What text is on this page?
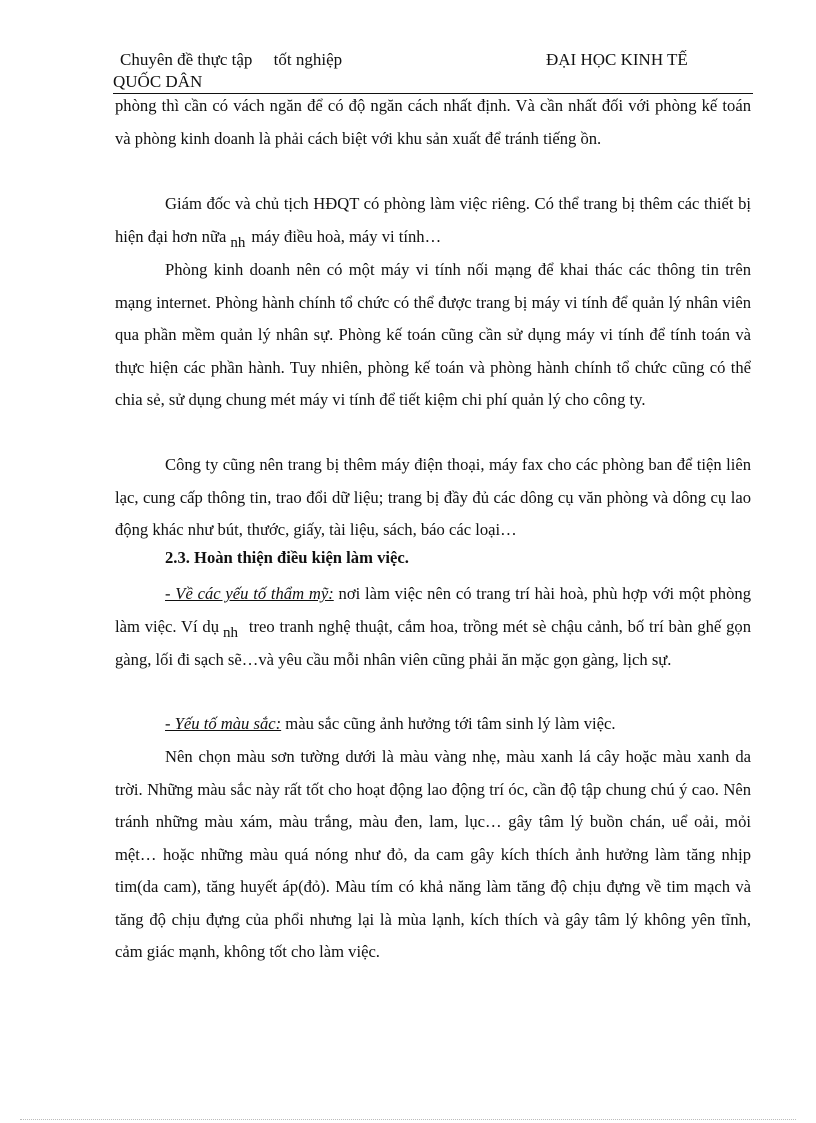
Chuyên đề thực tập     tốt nghiệp	ĐẠI HỌC KINH TẾ
QUỐC DÂN

phòng thì cần có vách ngăn để có độ ngăn cách nhất định. Và cần nhất đối với phòng kế toán và phòng kinh doanh là phải cách biệt với khu sản xuất để tránh tiếng ồn.

Giám đốc và chủ tịch HĐQT có phòng làm việc riêng. Có thể trang bị thêm các thiết bị hiện đại hơn nữa nh máy điều hoà, máy vi tính…

Phòng kinh doanh nên có một máy vi tính nối mạng để khai thác các thông tin trên mạng internet. Phòng hành chính tổ chức có thể được trang bị máy vi tính để quản lý nhân viên qua phần mềm quản lý nhân sự. Phòng kế toán cũng cần sử dụng máy vi tính để tính toán và thực hiện các phần hành. Tuy nhiên, phòng kế toán và phòng hành chính tổ chức cũng có thể chia sẻ, sử dụng chung mét máy vi tính để tiết kiệm chi phí quản lý cho công ty.

Công ty cũng nên trang bị thêm máy điện thoại, máy fax cho các phòng ban để tiện liên lạc, cung cấp thông tin, trao đổi dữ liệu; trang bị đầy đủ các dông cụ văn phòng và dông cụ lao động khác như bút, thước, giấy, tài liệu, sách, báo các loại…

2.3. Hoàn thiện điều kiện làm việc.

- Về các yếu tố thẩm mỹ: nơi làm việc nên có trang trí hài hoà, phù hợp với một phòng làm việc. Ví dụ nh treo tranh nghệ thuật, cắm hoa, trồng mét sè chậu cảnh, bố trí bàn ghế gọn gàng, lối đi sạch sẽ…và yêu cầu mỗi nhân viên cũng phải ăn mặc gọn gàng, lịch sự.

- Yếu tố màu sắc: màu sắc cũng ảnh hưởng tới tâm sinh lý làm việc.

Nên chọn màu sơn tường dưới là màu vàng nhẹ, màu xanh lá cây hoặc màu xanh da trời. Những màu sắc này rất tốt cho hoạt động lao động trí óc, cần độ tập chung chú ý cao. Nên tránh những màu xám, màu trắng, màu đen, lam, lục… gây tâm lý buồn chán, uể oải, mỏi mệt… hoặc những màu quá nóng như đỏ, da cam gây kích thích ảnh hưởng làm tăng nhịp tim(da cam), tăng huyết áp(đỏ). Màu tím có khả năng làm tăng độ chịu đựng về tim mạch và tăng độ chịu đựng của phổi nhưng lại là mùa lạnh, kích thích và gây tâm lý không yên tĩnh, cảm giác mạnh, không tốt cho làm việc.
